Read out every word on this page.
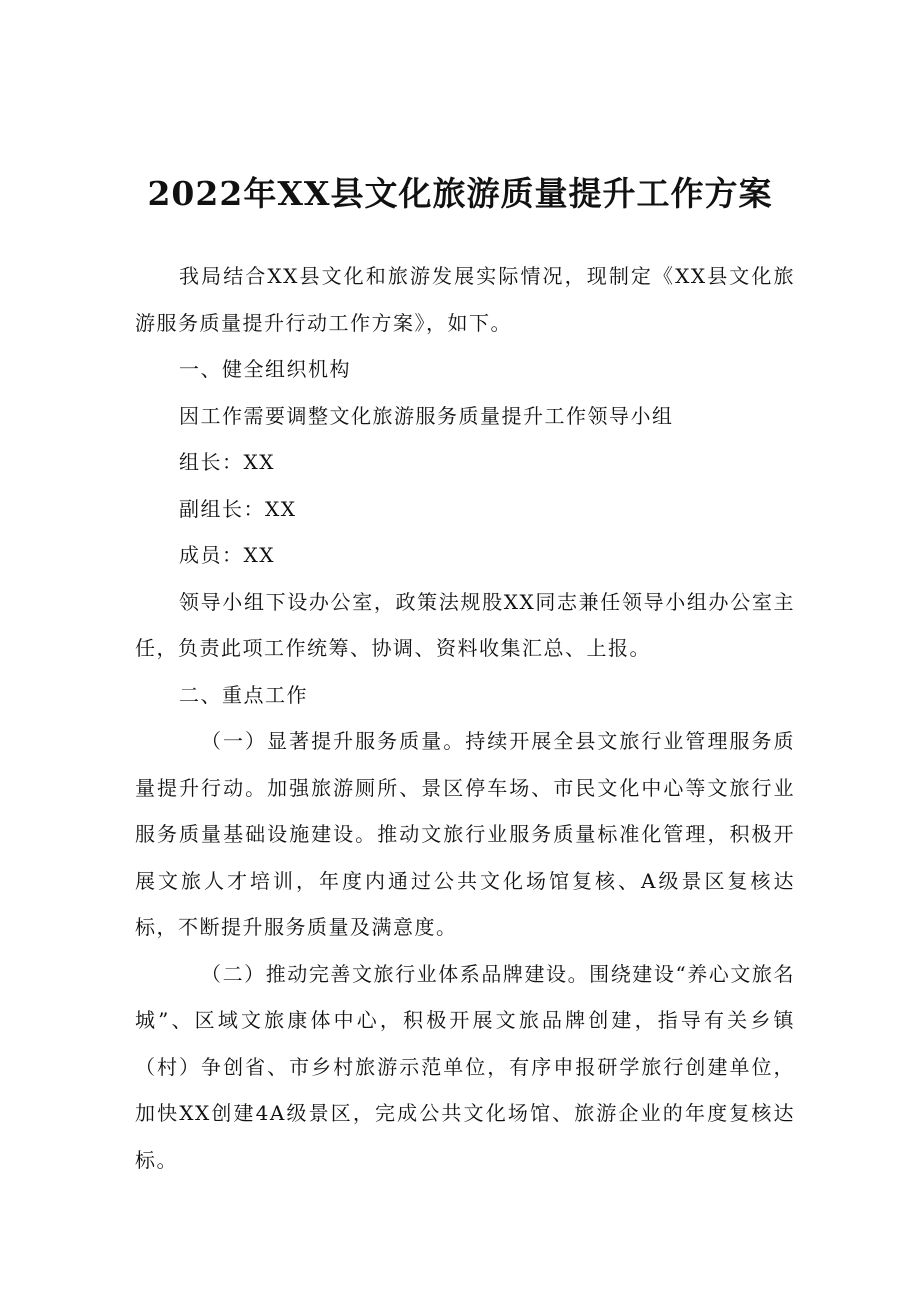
2022年XX县文化旅游质量提升工作方案

我局结合XX县文化和旅游发展实际情况，现制定《XX县文化旅游服务质量提升行动工作方案》，如下。

一、健全组织机构

因工作需要调整文化旅游服务质量提升工作领导小组

组长：XX

副组长：XX

成员：XX

领导小组下设办公室，政策法规股XX同志兼任领导小组办公室主任，负责此项工作统筹、协调、资料收集汇总、上报。

二、重点工作

（一）显著提升服务质量。持续开展全县文旅行业管理服务质量提升行动。加强旅游厕所、景区停车场、市民文化中心等文旅行业服务质量基础设施建设。推动文旅行业服务质量标准化管理，积极开展文旅人才培训，年度内通过公共文化场馆复核、A级景区复核达标，不断提升服务质量及满意度。

（二）推动完善文旅行业体系品牌建设。围绕建设“养心文旅名城”、区域文旅康体中心，积极开展文旅品牌创建，指导有关乡镇（村）争创省、市乡村旅游示范单位，有序申报研学旅行创建单位，加快XX创建4A级景区，完成公共文化场馆、旅游企业的年度复核达标。
